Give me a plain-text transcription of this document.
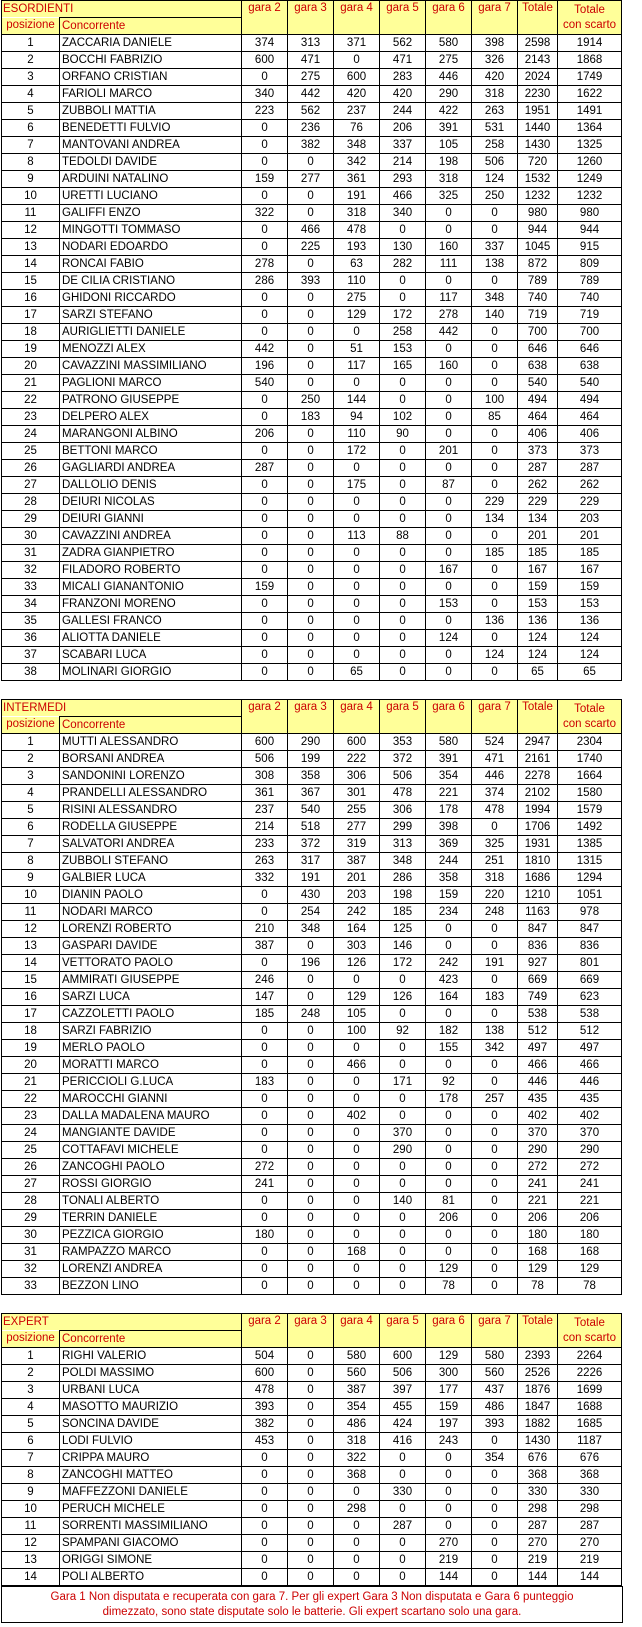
ESORDIENTI		gara 2	gara 3	gara 4	gara 5	gara 6	gara 7	Totale	Totale
con scarto

posizione	Concorrente								
1	ZACCARIA DANIELE	374	313	371	562	580	398	2598	1914
2	BOCCHI FABRIZIO	600	471	0	471	275	326	2143	1868
3	ORFANO CRISTIAN	0	275	600	283	446	420	2024	1749
4	FARIOLI MARCO	340	442	420	420	290	318	2230	1622
5	ZUBBOLI MATTIA	223	562	237	244	422	263	1951	1491
6	BENEDETTI FULVIO	0	236	76	206	391	531	1440	1364
7	MANTOVANI ANDREA	0	382	348	337	105	258	1430	1325
8	TEDOLDI DAVIDE	0	0	342	214	198	506	720	1260
9	ARDUINI NATALINO	159	277	361	293	318	124	1532	1249
10	URETTI LUCIANO	0	0	191	466	325	250	1232	1232
11	GALIFFI ENZO	322	0	318	340	0	0	980	980
12	MINGOTTI TOMMASO	0	466	478	0	0	0	944	944
13	NODARI EDOARDO	0	225	193	130	160	337	1045	915
14	RONCAI FABIO	278	0	63	282	111	138	872	809
15	DE CILIA CRISTIANO	286	393	110	0	0	0	789	789
16	GHIDONI RICCARDO	0	0	275	0	117	348	740	740
17	SARZI STEFANO	0	0	129	172	278	140	719	719
18	AURIGLIETTI DANIELE	0	0	0	258	442	0	700	700
19	MENOZZI ALEX	442	0	51	153	0	0	646	646
20	CAVAZZINI MASSIMILIANO	196	0	117	165	160	0	638	638
21	PAGLIONI MARCO	540	0	0	0	0	0	540	540
22	PATRONO GIUSEPPE	0	250	144	0	0	100	494	494
23	DELPERO ALEX	0	183	94	102	0	85	464	464
24	MARANGONI ALBINO	206	0	110	90	0	0	406	406
25	BETTONI MARCO	0	0	172	0	201	0	373	373
26	GAGLIARDI ANDREA	287	0	0	0	0	0	287	287
27	DALLOLIO DENIS	0	0	175	0	87	0	262	262
28	DEIURI NICOLAS	0	0	0	0	0	229	229	229
29	DEIURI GIANNI	0	0	0	0	0	134	134	203
30	CAVAZZINI ANDREA	0	0	113	88	0	0	201	201
31	ZADRA GIANPIETRO	0	0	0	0	0	185	185	185
32	FILADORO ROBERTO	0	0	0	0	167	0	167	167
33	MICALI GIANANTONIO	159	0	0	0	0	0	159	159
34	FRANZONI MORENO	0	0	0	0	153	0	153	153
35	GALLESI FRANCO	0	0	0	0	0	136	136	136
36	ALIOTTA DANIELE	0	0	0	0	124	0	124	124
37	SCABARI LUCA	0	0	0	0	0	124	124	124
38	MOLINARI GIORGIO	0	0	65	0	0	0	65	65
INTERMEDI		gara 2	gara 3	gara 4	gara 5	gara 6	gara 7	Totale	Totale
con scarto

posizione	Concorrente								
1	MUTTI ALESSANDRO	600	290	600	353	580	524	2947	2304
2	BORSANI ANDREA	506	199	222	372	391	471	2161	1740
3	SANDONINI LORENZO	308	358	306	506	354	446	2278	1664
4	PRANDELLI ALESSANDRO	361	367	301	478	221	374	2102	1580
5	RISINI ALESSANDRO	237	540	255	306	178	478	1994	1579
6	RODELLA GIUSEPPE	214	518	277	299	398	0	1706	1492
7	SALVATORI ANDREA	233	372	319	313	369	325	1931	1385
8	ZUBBOLI STEFANO	263	317	387	348	244	251	1810	1315
9	GALBIER LUCA	332	191	201	286	358	318	1686	1294
10	DIANIN PAOLO	0	430	203	198	159	220	1210	1051
11	NODARI MARCO	0	254	242	185	234	248	1163	978
12	LORENZI ROBERTO	210	348	164	125	0	0	847	847
13	GASPARI DAVIDE	387	0	303	146	0	0	836	836
14	VETTORATO PAOLO	0	196	126	172	242	191	927	801
15	AMMIRATI GIUSEPPE	246	0	0	0	423	0	669	669
16	SARZI LUCA	147	0	129	126	164	183	749	623
17	CAZZOLETTI PAOLO	185	248	105	0	0	0	538	538
18	SARZI FABRIZIO	0	0	100	92	182	138	512	512
19	MERLO PAOLO	0	0	0	0	155	342	497	497
20	MORATTI MARCO	0	0	466	0	0	0	466	466
21	PERICCIOLI G.LUCA	183	0	0	171	92	0	446	446
22	MAROCCHI GIANNI	0	0	0	0	178	257	435	435
23	DALLA MADALENA MAURO	0	0	402	0	0	0	402	402
24	MANGIANTE DAVIDE	0	0	0	370	0	0	370	370
25	COTTAFAVI MICHELE	0	0	0	290	0	0	290	290
26	ZANCOGHI PAOLO	272	0	0	0	0	0	272	272
27	ROSSI GIORGIO	241	0	0	0	0	0	241	241
28	TONALI ALBERTO	0	0	0	140	81	0	221	221
29	TERRIN DANIELE	0	0	0	0	206	0	206	206
30	PEZZICA GIORGIO	180	0	0	0	0	0	180	180
31	RAMPAZZO MARCO	0	0	168	0	0	0	168	168
32	LORENZI ANDREA	0	0	0	0	129	0	129	129
33	BEZZON LINO	0	0	0	0	78	0	78	78
EXPERT		gara 2	gara 3	gara 4	gara 5	gara 6	gara 7	Totale	Totale
con scarto

posizione	Concorrente								
1	RIGHI VALERIO	504	0	580	600	129	580	2393	2264
2	POLDI MASSIMO	600	0	560	506	300	560	2526	2226
3	URBANI LUCA	478	0	387	397	177	437	1876	1699
4	MASOTTO MAURIZIO	393	0	354	455	159	486	1847	1688
5	SONCINA DAVIDE	382	0	486	424	197	393	1882	1685
6	LODI FULVIO	453	0	318	416	243	0	1430	1187
7	CRIPPA MAURO	0	0	322	0	0	354	676	676
8	ZANCOGHI MATTEO	0	0	368	0	0	0	368	368
9	MAFFEZZONI DANIELE	0	0	0	330	0	0	330	330
10	PERUCH MICHELE	0	0	298	0	0	0	298	298
11	SORRENTI MASSIMILIANO	0	0	0	287	0	0	287	287
12	SPAMPANI GIACOMO	0	0	0	0	270	0	270	270
13	ORIGGI SIMONE	0	0	0	0	219	0	219	219
14	POLI ALBERTO	0	0	0	0	144	0	144	144
Gara 1 Non disputata e recuperata con gara 7. Per gli expert Gara 3 Non disputata e Gara 6 punteggio
dimezzato, sono state disputate solo le batterie. Gli expert scartano solo una gara.
